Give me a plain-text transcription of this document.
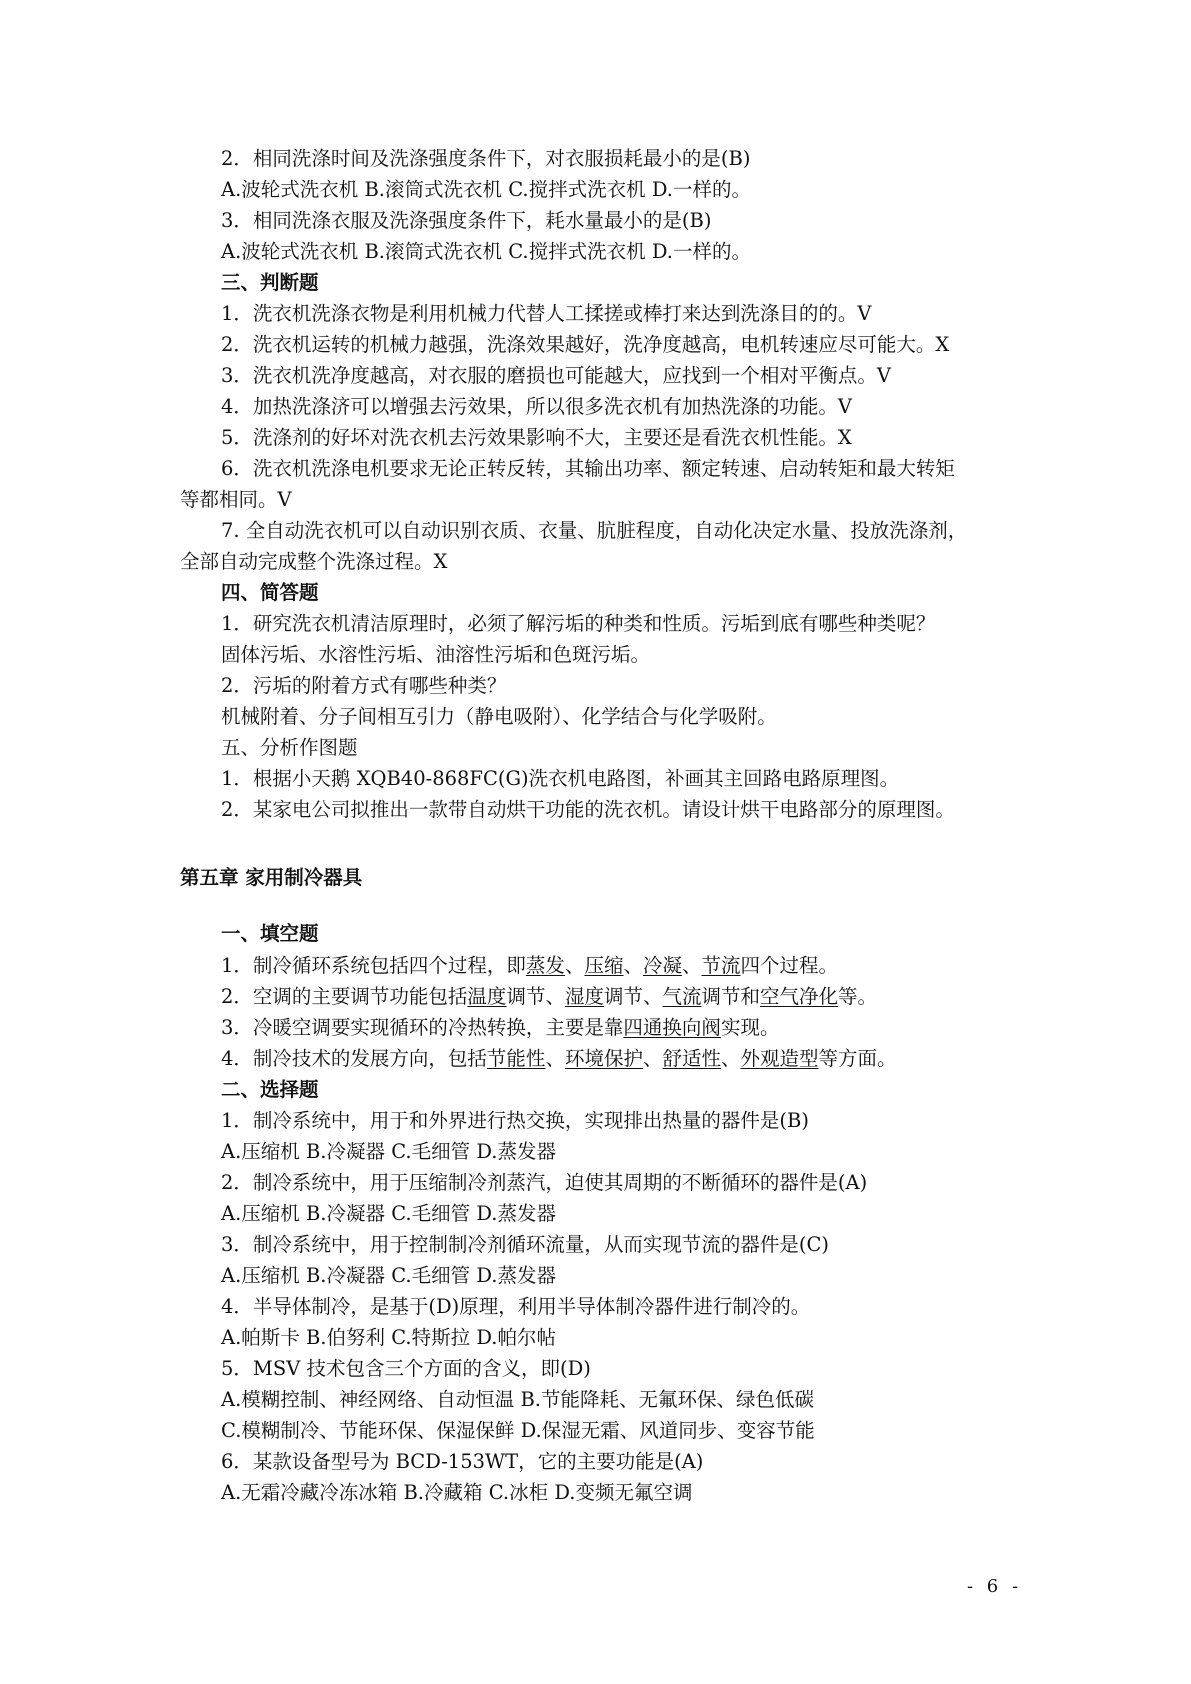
2．相同洗涤时间及洗涤强度条件下，对衣服损耗最小的是(B)
A.波轮式洗衣机 B.滚筒式洗衣机 C.搅拌式洗衣机 D.一样的。
3．相同洗涤衣服及洗涤强度条件下，耗水量最小的是(B)
A.波轮式洗衣机 B.滚筒式洗衣机 C.搅拌式洗衣机 D.一样的。
三、判断题
1．洗衣机洗涤衣物是利用机械力代替人工揉搓或棒打来达到洗涤目的的。V
2．洗衣机运转的机械力越强，洗涤效果越好，洗净度越高，电机转速应尽可能大。X
3．洗衣机洗净度越高，对衣服的磨损也可能越大，应找到一个相对平衡点。V
4．加热洗涤济可以增强去污效果，所以很多洗衣机有加热洗涤的功能。V
5．洗涤剂的好坏对洗衣机去污效果影响不大，主要还是看洗衣机性能。X
6．洗衣机洗涤电机要求无论正转反转，其输出功率、额定转速、启动转矩和最大转矩
等都相同。V
7. 全自动洗衣机可以自动识别衣质、衣量、肮脏程度，自动化决定水量、投放洗涤剂，
全部自动完成整个洗涤过程。X
四、简答题
1．研究洗衣机清洁原理时，必须了解污垢的种类和性质。污垢到底有哪些种类呢？
固体污垢、水溶性污垢、油溶性污垢和色斑污垢。
2．污垢的附着方式有哪些种类？
机械附着、分子间相互引力（静电吸附）、化学结合与化学吸附。
五、分析作图题
1．根据小天鹅 XQB40-868FC(G)洗衣机电路图，补画其主回路电路原理图。
2．某家电公司拟推出一款带自动烘干功能的洗衣机。请设计烘干电路部分的原理图。
第五章 家用制冷器具
一、填空题
1．制冷循环系统包括四个过程，即蒸发、压缩、冷凝、节流四个过程。
2．空调的主要调节功能包括温度调节、湿度调节、气流调节和空气净化等。
3．冷暖空调要实现循环的冷热转换，主要是靠四通换向阀实现。
4．制冷技术的发展方向，包括节能性、环境保护、舒适性、外观造型等方面。
二、选择题
1．制冷系统中，用于和外界进行热交换，实现排出热量的器件是(B)
A.压缩机 B.冷凝器 C.毛细管 D.蒸发器
2．制冷系统中，用于压缩制冷剂蒸汽，迫使其周期的不断循环的器件是(A)
A.压缩机 B.冷凝器 C.毛细管 D.蒸发器
3．制冷系统中，用于控制制冷剂循环流量，从而实现节流的器件是(C)
A.压缩机 B.冷凝器 C.毛细管 D.蒸发器
4．半导体制冷，是基于(D)原理，利用半导体制冷器件进行制冷的。
A.帕斯卡 B.伯努利 C.特斯拉 D.帕尔帖
5．MSV 技术包含三个方面的含义，即(D)
A.模糊控制、神经网络、自动恒温 B.节能降耗、无氟环保、绿色低碳
C.模糊制冷、节能环保、保湿保鲜 D.保湿无霜、风道同步、变容节能
6．某款设备型号为 BCD-153WT，它的主要功能是(A)
A.无霜冷藏冷冻冰箱 B.冷藏箱 C.冰柜 D.变频无氟空调
- 6 -
